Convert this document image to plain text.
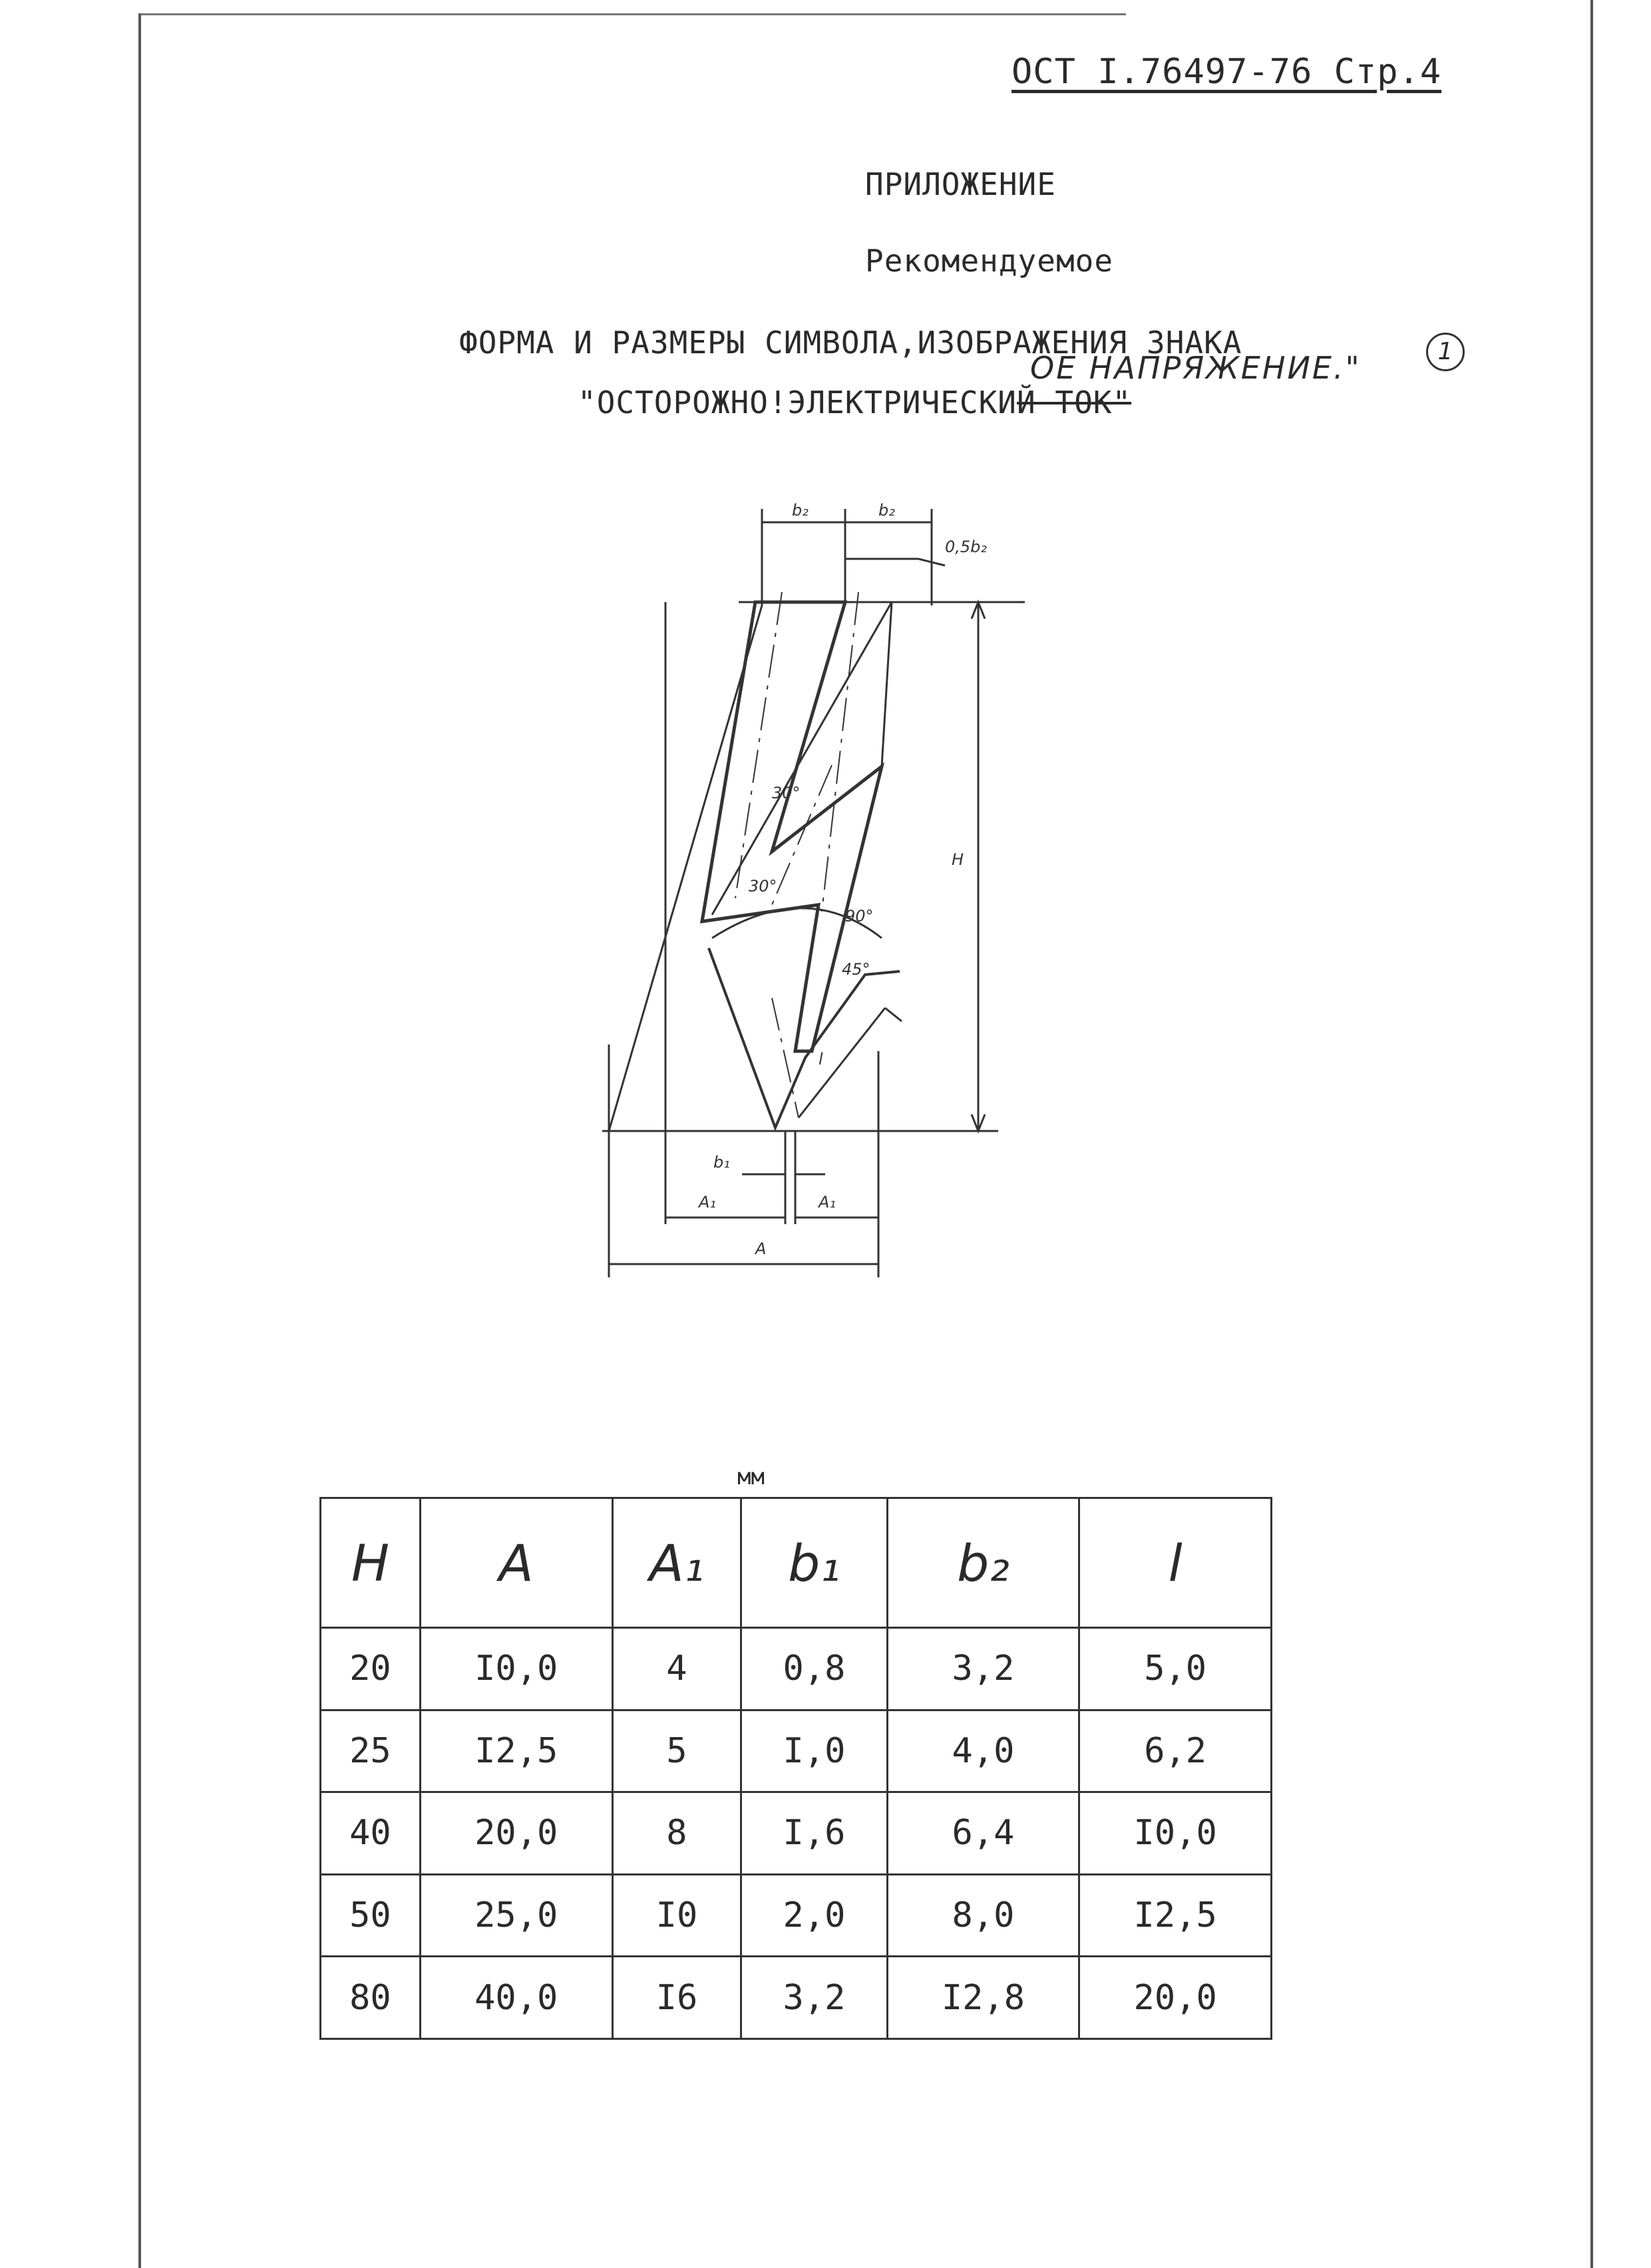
ОСТ I.76497-76 Стр.4
ПРИЛОЖЕНИЕ
Рекомендуемое
ФОРМА И РАЗМЕРЫ СИМВОЛА,ИЗОБРАЖЕНИЯ ЗНАКА
"ОСТОРОЖНО!ЭЛЕКТРИЧЕСКИЙ ТОК"
ОЕ НАПРЯЖЕНИЕ."	1
b₂	b₂
0,5b₂
H
30°
30°
90°
45°
l
b₁
A₁	A₁
A
мм
H	A	A₁	b₁	b₂	l
20	I0,0	4	0,8	3,2	5,0
25	I2,5	5	I,0	4,0	6,2
40	20,0	8	I,6	6,4	I0,0
50	25,0	I0	2,0	8,0	I2,5
80	40,0	I6	3,2	I2,8	20,0
